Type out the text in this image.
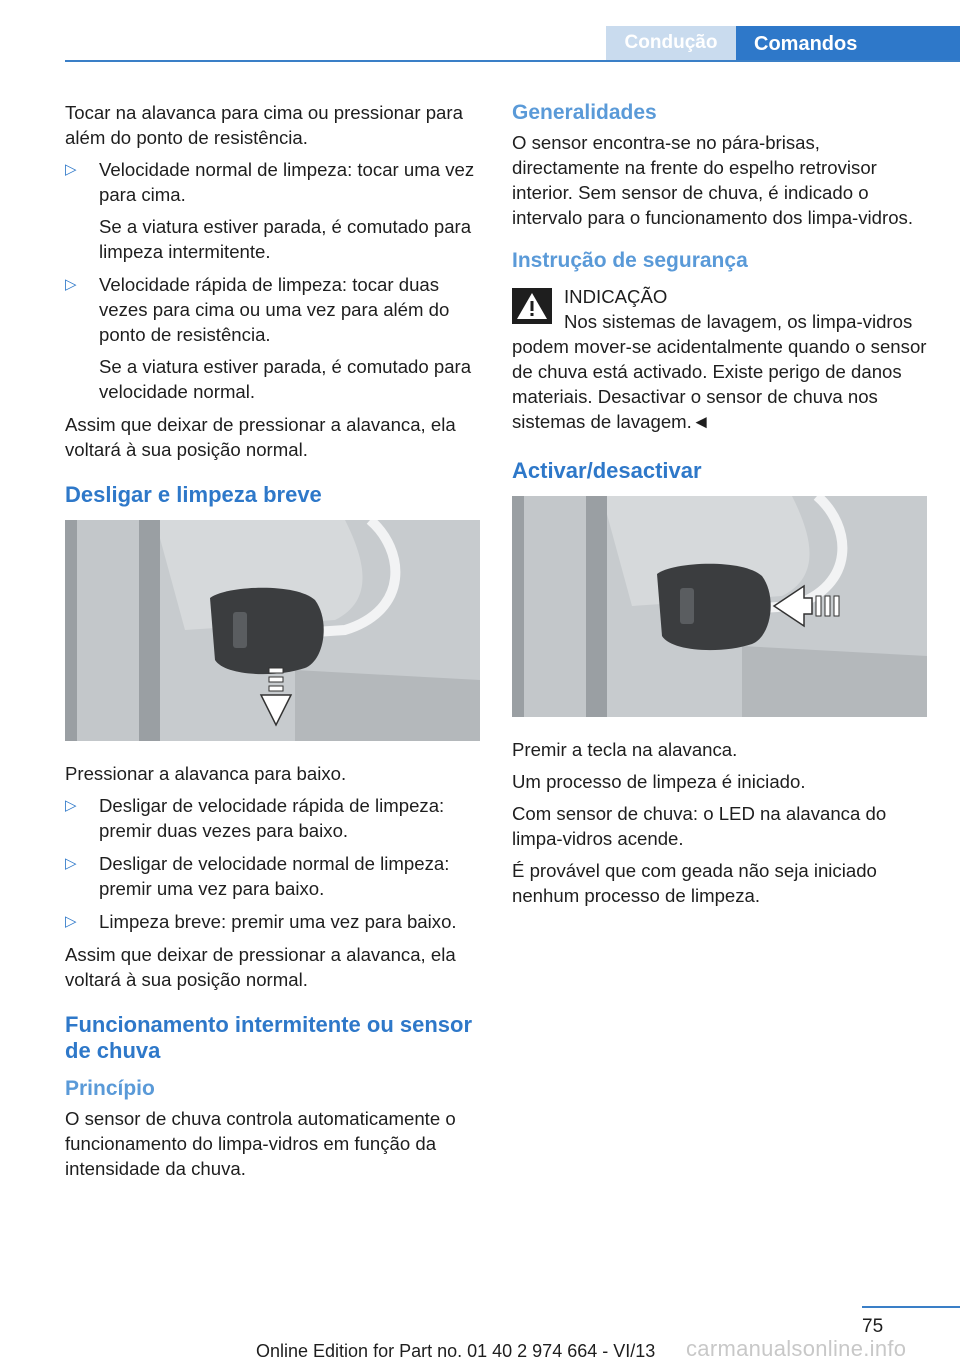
Condução	Comandos

Tocar na alavanca para cima ou pressionar para além do ponto de resistência.

▷ Velocidade normal de limpeza: tocar uma vez para cima.
Se a viatura estiver parada, é comutado para limpeza intermitente.
▷ Velocidade rápida de limpeza: tocar duas vezes para cima ou uma vez para além do ponto de resistência.
Se a viatura estiver parada, é comutado para velocidade normal.

Assim que deixar de pressionar a alavanca, ela voltará à sua posição normal.

Desligar e limpeza breve

Pressionar a alavanca para baixo.

▷ Desligar de velocidade rápida de limpeza: premir duas vezes para baixo.
▷ Desligar de velocidade normal de limpeza: premir uma vez para baixo.
▷ Limpeza breve: premir uma vez para baixo.

Assim que deixar de pressionar a alavanca, ela voltará à sua posição normal.

Funcionamento intermitente ou sensor de chuva
Princípio

O sensor de chuva controla automaticamente o funcionamento do limpa-vidros em função da intensidade da chuva.

Generalidades

O sensor encontra-se no pára-brisas, directamente na frente do espelho retrovisor interior. Sem sensor de chuva, é indicado o intervalo para o funcionamento dos limpa-vidros.

Instrução de segurança
INDICAÇÃO

Nos sistemas de lavagem, os limpa-vidros podem mover-se acidentalmente quando o sensor de chuva está activado. Existe perigo de danos materiais. Desactivar o sensor de chuva nos sistemas de lavagem.◄

Activar/desactivar

Premir a tecla na alavanca.

Um processo de limpeza é iniciado.

Com sensor de chuva: o LED na alavanca do limpa-vidros acende.

É provável que com geada não seja iniciado nenhum processo de limpeza.

75
Online Edition for Part no. 01 40 2 974 664 - VI/13 carmanualsonline.info
